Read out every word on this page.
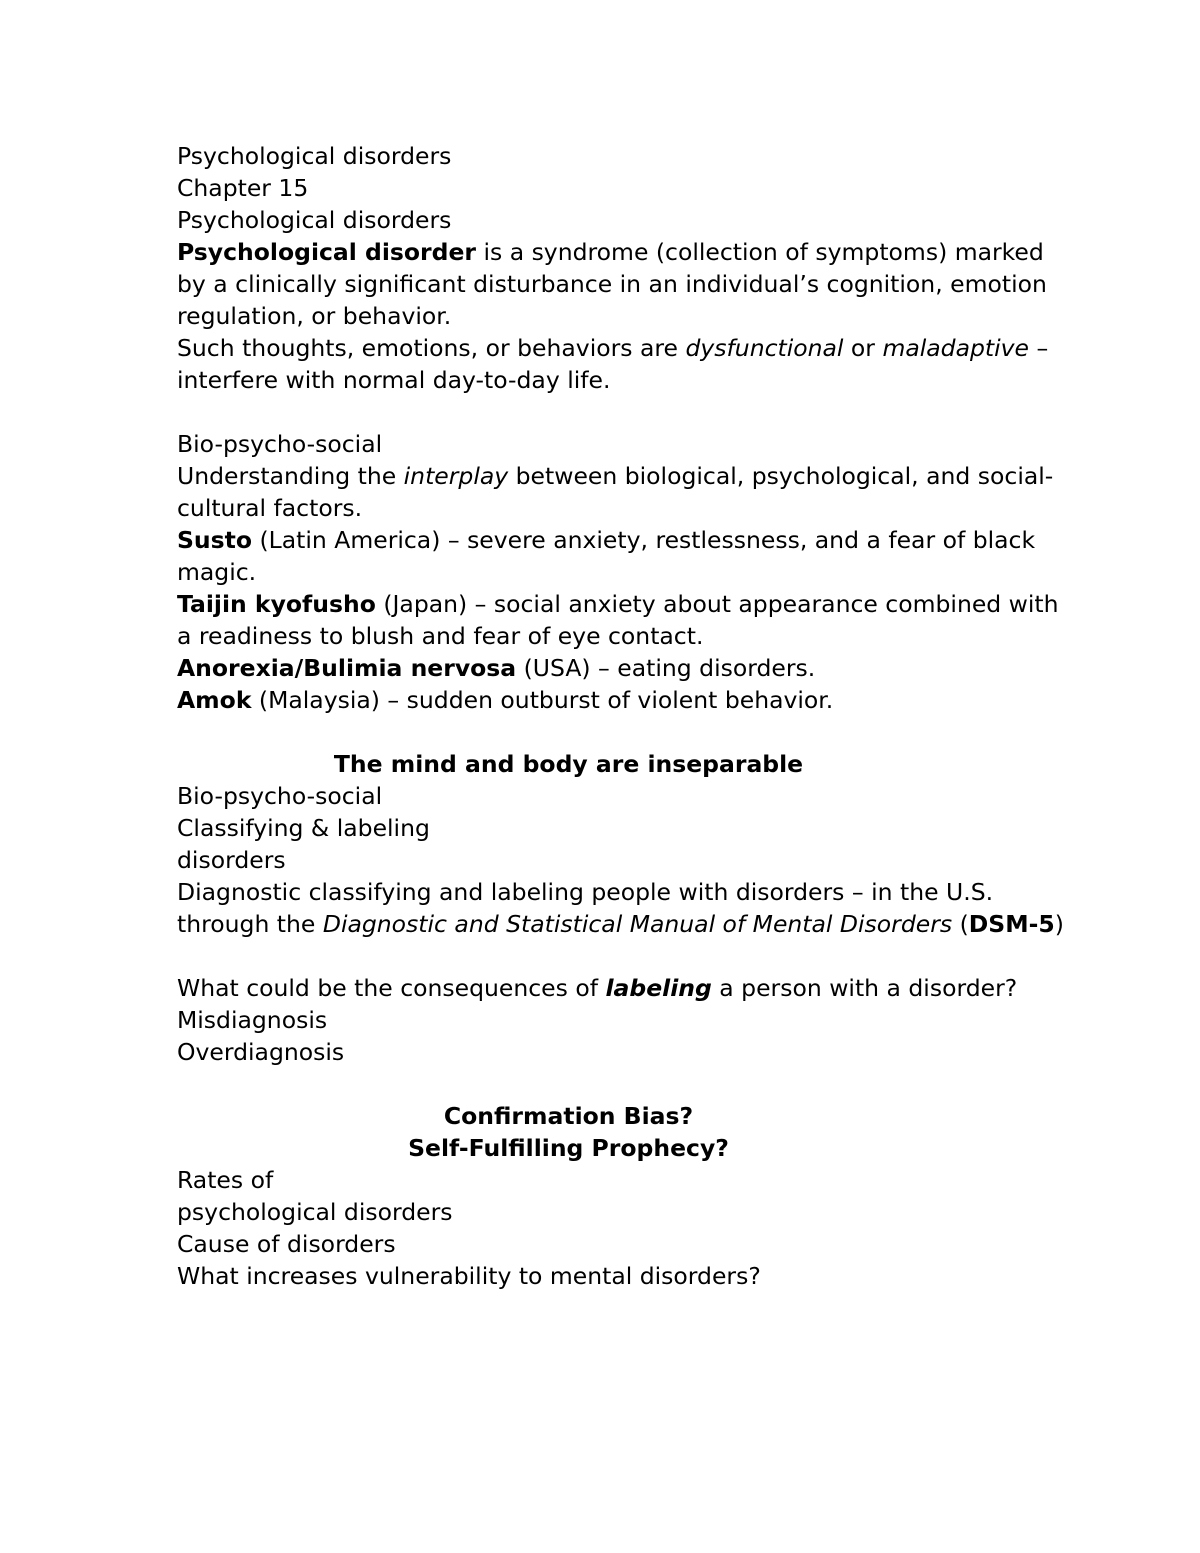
Psychological disorders

Chapter 15

Psychological disorders

Psychological disorder is a syndrome (collection of symptoms) marked by a clinically significant disturbance in an individual’s cognition, emotion regulation, or behavior.

Such thoughts, emotions, or behaviors are dysfunctional or maladaptive – interfere with normal day-to-day life.

Bio-psycho-social

Understanding the interplay between biological, psychological, and social-cultural factors.

Susto (Latin America) – severe anxiety, restlessness, and a fear of black magic.

Taijin kyofusho (Japan) – social anxiety about appearance combined with a readiness to blush and fear of eye contact.

Anorexia/Bulimia nervosa (USA) – eating disorders.

Amok (Malaysia) – sudden outburst of violent behavior.

The mind and body are inseparable

Bio-psycho-social

Classifying & labeling

disorders

Diagnostic classifying and labeling people with disorders – in the U.S. through the Diagnostic and Statistical Manual of Mental Disorders (DSM-5)

What could be the consequences of labeling a person with a disorder?

Misdiagnosis

Overdiagnosis

Confirmation Bias?

Self-Fulfilling Prophecy?

Rates of

psychological disorders

Cause of disorders

What increases vulnerability to mental disorders?
